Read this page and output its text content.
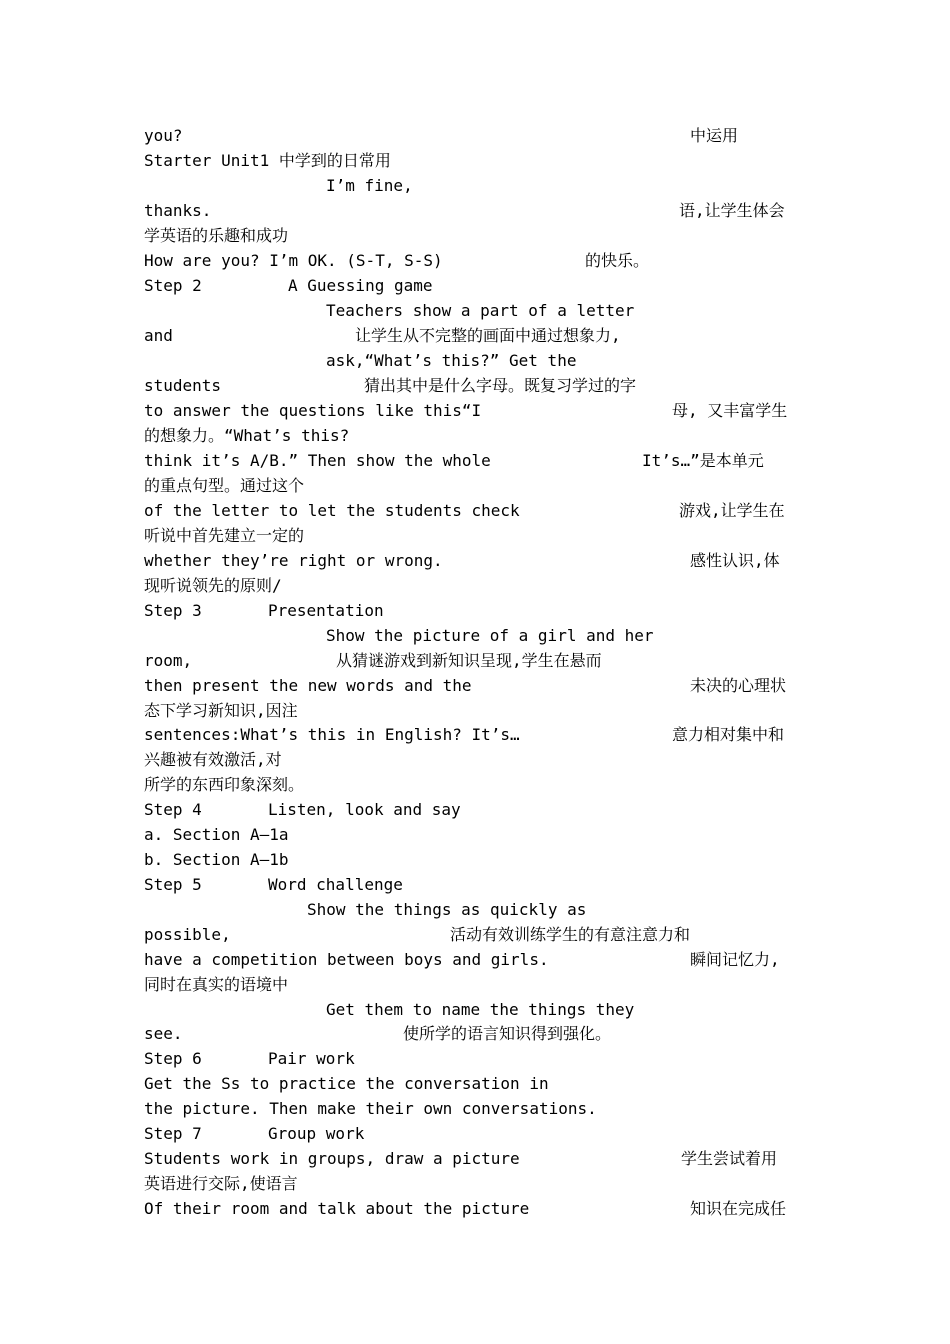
you?	中运用
Starter Unit1 中学到的日常用
I’m fine,
thanks.	语,让学生体会
学英语的乐趣和成功
How are you? I’m OK. (S-T, S-S)	的快乐。
Step 2	A Guessing game
Teachers show a part of a letter
and	让学生从不完整的画面中通过想象力,
ask,“What’s this?” Get the
students	猜出其中是什么字母。既复习学过的字
to answer the questions like this“I	母, 又丰富学生
的想象力。“What’s this?
think it’s A/B.” Then show the whole	It’s…”是本单元
的重点句型。通过这个
of the letter to let the students check	游戏,让学生在
听说中首先建立一定的
whether they’re right or wrong.	感性认识,体
现听说领先的原则/
Step 3	Presentation
Show the picture of a girl and her
room,	从猜谜游戏到新知识呈现,学生在悬而
then present the new words and the	未决的心理状
态下学习新知识,因注
sentences:What’s this in English? It’s…	意力相对集中和
兴趣被有效激活,对
所学的东西印象深刻。
Step 4	Listen, look and say
a. Section A—1a
b. Section A—1b
Step 5	Word challenge
Show the things as quickly as
possible,	活动有效训练学生的有意注意力和
have a competition between boys and girls.	瞬间记忆力,
同时在真实的语境中
Get them to name the things they
see.	使所学的语言知识得到强化。
Step 6	Pair work
Get the Ss to practice the conversation in
the picture. Then make their own conversations.
Step 7	Group work
Students work in groups, draw a picture	学生尝试着用
英语进行交际,使语言
Of their room and talk about the picture	知识在完成任
